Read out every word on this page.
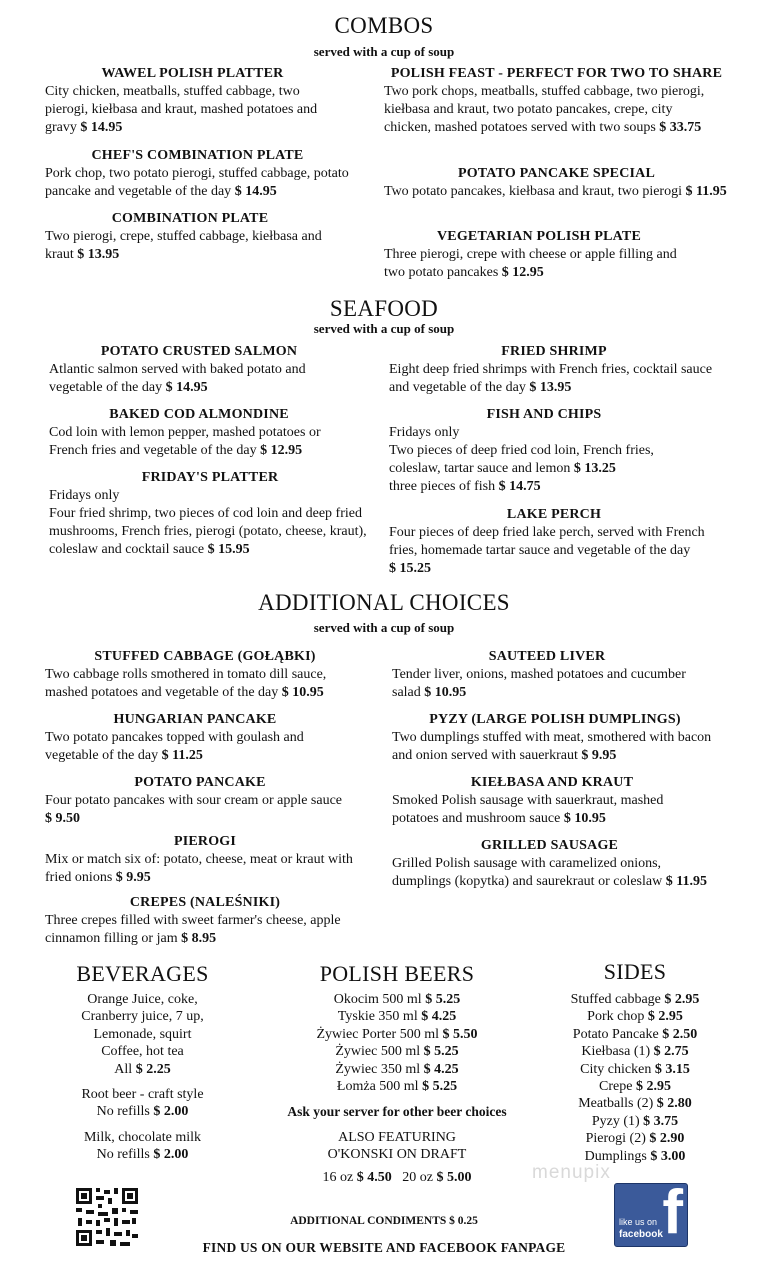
COMBOS
served with a cup of soup
WAWEL POLISH PLATTER
City chicken, meatballs, stuffed cabbage, two pierogi, kiełbasa and kraut, mashed potatoes and gravy $ 14.95
CHEF'S COMBINATION PLATE
Pork chop, two potato pierogi, stuffed cabbage, potato pancake and vegetable of the day $ 14.95
COMBINATION PLATE
Two pierogi, crepe, stuffed cabbage, kiełbasa and kraut $ 13.95
POLISH FEAST - PERFECT FOR TWO TO SHARE
Two pork chops, meatballs, stuffed cabbage, two pierogi, kiełbasa and kraut, two potato pancakes, crepe, city chicken, mashed potatoes served with two soups $ 33.75
POTATO PANCAKE SPECIAL
Two potato pancakes, kiełbasa and kraut, two pierogi $ 11.95
VEGETARIAN POLISH PLATE
Three pierogi, crepe with cheese or apple filling and two potato pancakes $ 12.95
SEAFOOD
served with a cup of soup
POTATO CRUSTED SALMON
Atlantic salmon served with baked potato and vegetable of the day $ 14.95
BAKED COD ALMONDINE
Cod loin with lemon pepper, mashed potatoes or French fries and vegetable of the day $ 12.95
FRIDAY'S PLATTER
Fridays only
Four fried shrimp, two pieces of cod loin and deep fried mushrooms, French fries, pierogi (potato, cheese, kraut), coleslaw and cocktail sauce $ 15.95
FRIED SHRIMP
Eight deep fried shrimps with French fries, cocktail sauce and vegetable of the day $ 13.95
FISH AND CHIPS
Fridays only
Two pieces of deep fried cod loin, French fries, coleslaw, tartar sauce and lemon $ 13.25
three pieces of fish $ 14.75
LAKE PERCH
Four pieces of deep fried lake perch, served with French fries, homemade tartar sauce and vegetable of the day $ 15.25
ADDITIONAL CHOICES
served with a cup of soup
STUFFED CABBAGE (GOŁĄBKI)
Two cabbage rolls smothered in tomato dill sauce, mashed potatoes and vegetable of the day $ 10.95
HUNGARIAN PANCAKE
Two potato pancakes topped with goulash and vegetable of the day $ 11.25
POTATO PANCAKE
Four potato pancakes with sour cream or apple sauce $ 9.50
PIEROGI
Mix or match six of: potato, cheese, meat or kraut with fried onions $ 9.95
CREPES (NALEŚNIKI)
Three crepes filled with sweet farmer's cheese, apple cinnamon filling or jam $ 8.95
SAUTEED LIVER
Tender liver, onions, mashed potatoes and cucumber salad $ 10.95
PYZY (LARGE POLISH DUMPLINGS)
Two dumplings stuffed with meat, smothered with bacon and onion served with sauerkraut $ 9.95
KIEŁBASA AND KRAUT
Smoked Polish sausage with sauerkraut, mashed potatoes and mushroom sauce $ 10.95
GRILLED SAUSAGE
Grilled Polish sausage with caramelized onions, dumplings (kopytka) and saurekraut or coleslaw $ 11.95
BEVERAGES
Orange Juice, coke,
Cranberry juice, 7 up,
Lemonade, squirt
Coffee, hot tea
All $ 2.25
Root beer - craft style
No refills $ 2.00
Milk, chocolate milk
No refills $ 2.00
POLISH BEERS
Okocim 500 ml $ 5.25
Tyskie 350 ml $ 4.25
Żywiec Porter 500 ml $ 5.50
Żywiec 500 ml $ 5.25
Żywiec 350 ml $ 4.25
Łomża 500 ml $ 5.25
Ask your server for other beer choices
ALSO FEATURING
O'KONSKI ON DRAFT
16 oz $ 4.50 20 oz $ 5.00
SIDES
Stuffed cabbage $ 2.95
Pork chop $ 2.95
Potato Pancake $ 2.50
Kiełbasa (1) $ 2.75
City chicken $ 3.15
Crepe $ 2.95
Meatballs (2) $ 2.80
Pyzy (1) $ 3.75
Pierogi (2) $ 2.90
Dumplings $ 3.00
menupix
ADDITIONAL CONDIMENTS $ 0.25
FIND US ON OUR WEBSITE AND FACEBOOK FANPAGE
f
like us on
facebook
